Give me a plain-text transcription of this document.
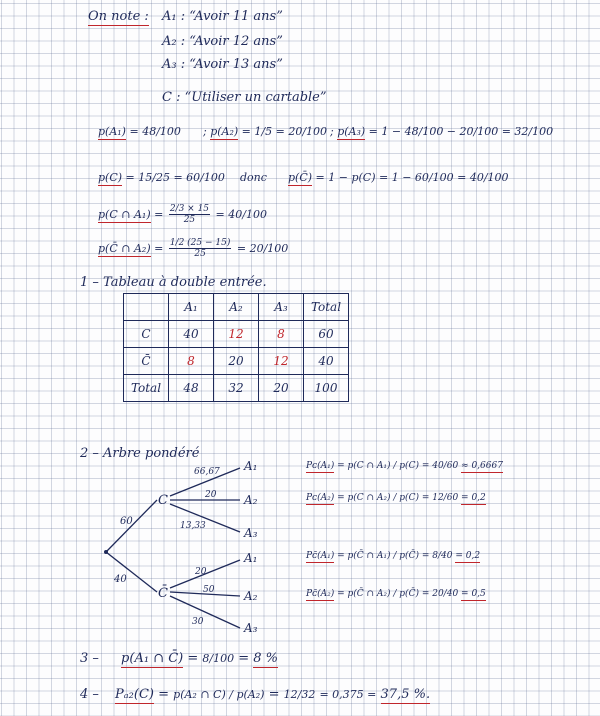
On note : A₁ : “Avoir 11 ans”
A₂ : “Avoir 12 ans”
A₃ : “Avoir 13 ans”
C : “Utiliser un cartable”
p(A₁) = 48/100 ; p(A₂) = 1/5 = 20/100 ; p(A₃) = 1 − 48/100 − 20/100 = 32/100
p(C) = 15/25 = 60/100 donc p(C̄) = 1 − p(C) = 1 − 60/100 = 40/100
p(C ∩ $A_1) = \frac{2/3 \times 15}{25} = 40/100$
p(C̄ ∩ $A_2) = \frac{1/2 (25 - 15)}{25} = 20/100$
1 – Tableau à double entrée.
	A₁	A₂	A₃	Total
C	40	12	8	60
C̄	8	20	12	40
Total	48	32	20	100
2 – Arbre pondéré
60
40
C
C̄
66,67
20
13,33
20
50
30
A₁
A₂
A₃
A₁
A₂
A₃
Pᴄ(A₁) = p(C ∩ A₁) / p(C) = 40/60 ≈ 0,6667
Pᴄ(A₂) = p(C ∩ A₂) / p(C) = 12/60 = 0,2
Pᴄ̄(A₁) = p(C̄ ∩ A₁) / p(C̄) = 8/40 = 0,2
Pᴄ̄(A₂) = p(C̄ ∩ A₂) / p(C̄) = 20/40 = 0,5
3 – p(A₁ ∩ C̄) = 8/100 = 8 %
4 – Pₐ₂(C) = p(A₂ ∩ C) / p(A₂) = 12/32 = 0,375 = 37,5 %.
